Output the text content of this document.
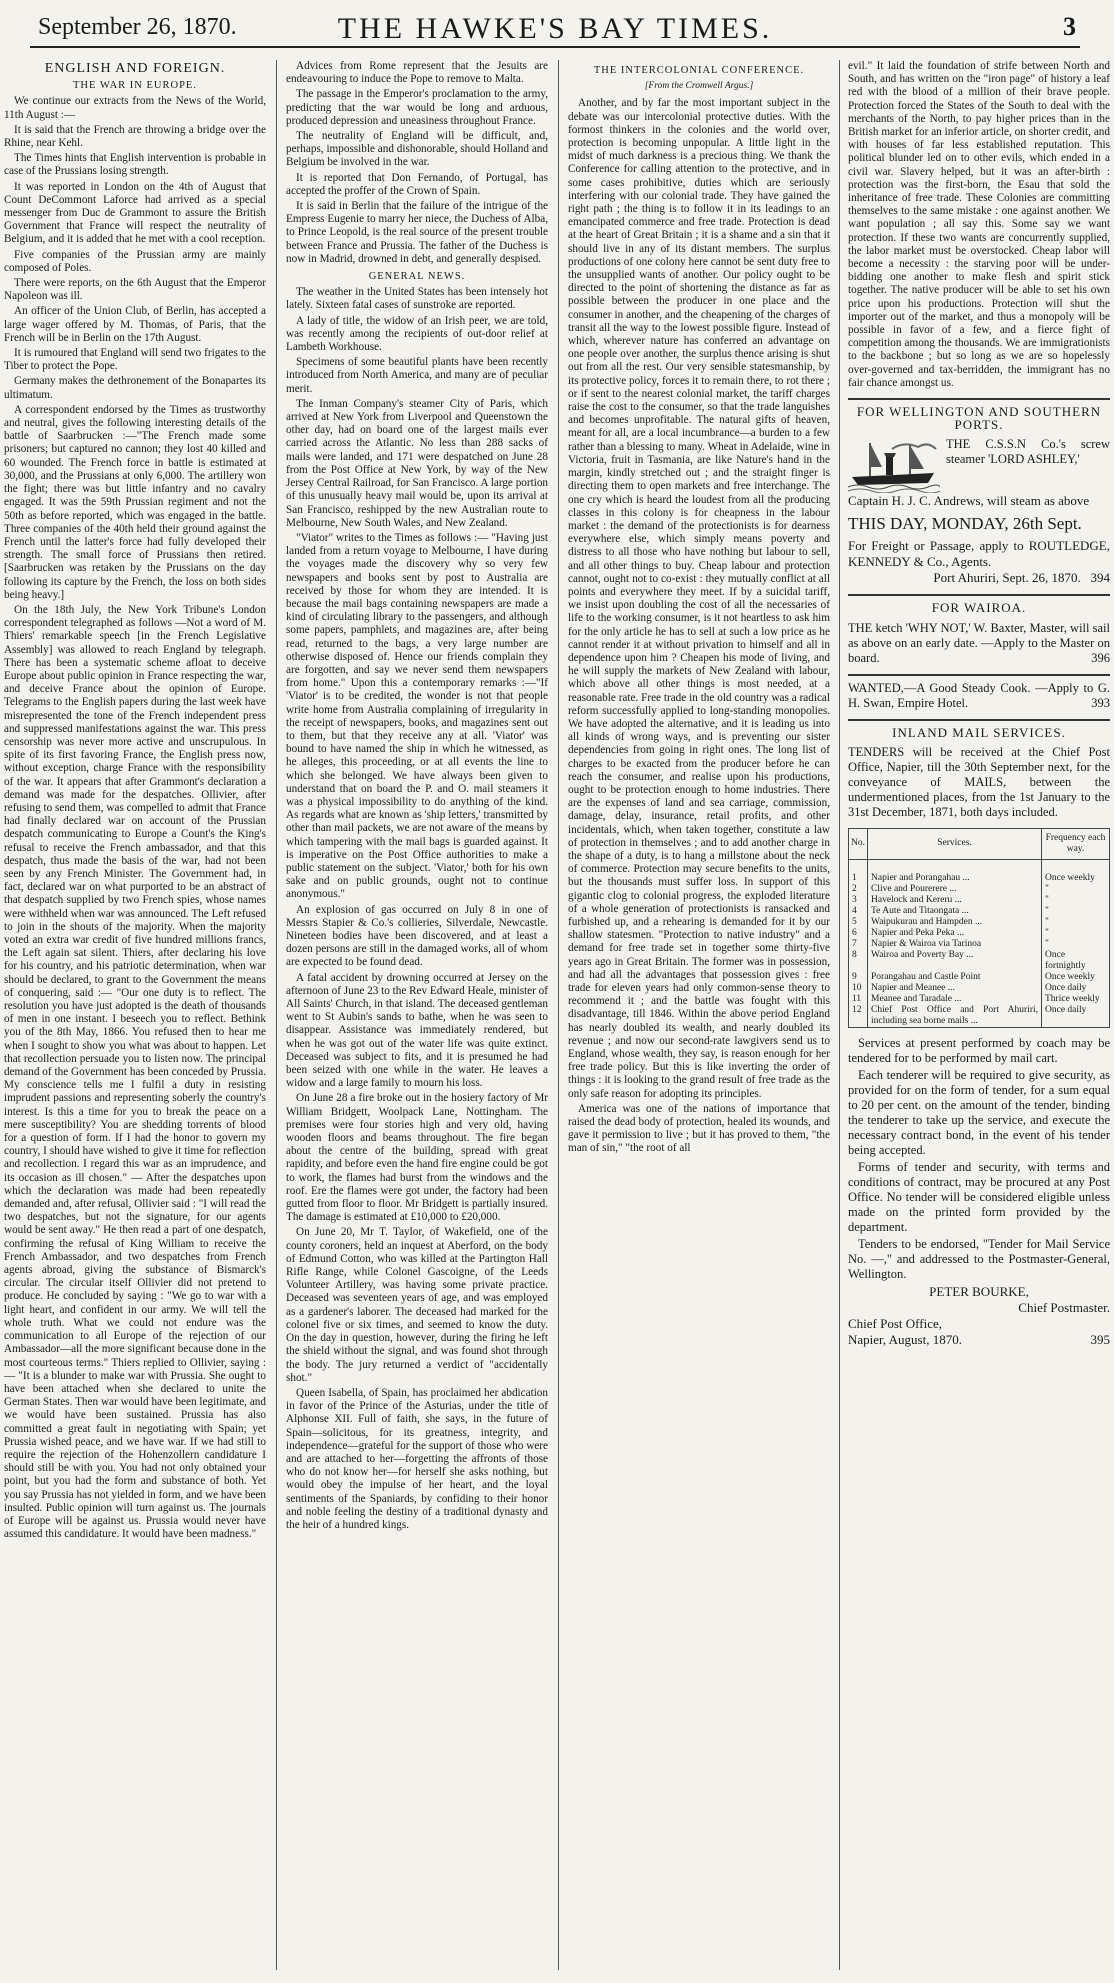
September 26, 1870.	THE HAWKE'S BAY TIMES.	3
ENGLISH AND FOREIGN.
THE WAR IN EUROPE.

We continue our extracts from the News of the World, 11th August :—

It is said that the French are throwing a bridge over the Rhine, near Kehl.

The Times hints that English intervention is probable in case of the Prussians losing strength.

It was reported in London on the 4th of August that Count DeCommont Laforce had arrived as a special messenger from Duc de Grammont to assure the British Government that France will respect the neutrality of Belgium, and it is added that he met with a cool reception.

Five companies of the Prussian army are mainly composed of Poles.

There were reports, on the 6th August that the Emperor Napoleon was ill.

An officer of the Union Club, of Berlin, has accepted a large wager offered by M. Thomas, of Paris, that the French will be in Berlin on the 17th August.

It is rumoured that England will send two frigates to the Tiber to protect the Pope.

Germany makes the dethronement of the Bonapartes its ultimatum.

A correspondent endorsed by the Times as trustworthy and neutral, gives the following interesting details of the battle of Saarbrucken :—"The French made some prisoners; but captured no cannon; they lost 40 killed and 60 wounded. The French force in battle is estimated at 30,000, and the Prussians at only 6,000. The artillery won the fight; there was but little infantry and no cavalry engaged. It was the 59th Prussian regiment and not the 50th as before reported, which was engaged in the battle. Three companies of the 40th held their ground against the French until the latter's force had fully developed their strength. The small force of Prussians then retired. [Saarbrucken was retaken by the Prussians on the day following its capture by the French, the loss on both sides being heavy.]

On the 18th July, the New York Tribune's London correspondent telegraphed as follows —Not a word of M. Thiers' remarkable speech [in the French Legislative Assembly] was allowed to reach England by telegraph. There has been a systematic scheme afloat to deceive Europe about public opinion in France respecting the war, and deceive France about the opinion of Europe. Telegrams to the English papers during the last week have misrepresented the tone of the French independent press and suppressed manifestations against the war. This press censorship was never more active and unscrupulous. In spite of its first favoring France, the English press now, without exception, charge France with the responsibility of the war. It appears that after Grammont's declaration a demand was made for the despatches. Ollivier, after refusing to send them, was compelled to admit that France had finally declared war on account of the Prussian despatch communicating to Europe a Count's the King's refusal to receive the French ambassador, and that this despatch, thus made the basis of the war, had not been seen by any French Minister. The Government had, in fact, declared war on what purported to be an abstract of that despatch supplied by two French spies, whose names were withheld when war was announced. The Left refused to join in the shouts of the majority. When the majority voted an extra war credit of five hundred millions francs, the Left again sat silent. Thiers, after declaring his love for his country, and his patriotic determination, when war should be declared, to grant to the Government the means of conquering, said :— "Our one duty is to reflect. The resolution you have just adopted is the death of thousands of men in one instant. I beseech you to reflect. Bethink you of the 8th May, 1866. You refused then to hear me when I sought to show you what was about to happen. Let that recollection persuade you to listen now. The principal demand of the Government has been conceded by Prussia. My conscience tells me I fulfil a duty in resisting imprudent passions and representing soberly the country's interest. Is this a time for you to break the peace on a mere susceptibility? You are shedding torrents of blood for a question of form. If I had the honor to govern my country, I should have wished to give it time for reflection and recollection. I regard this war as an imprudence, and its occasion as ill chosen." — After the despatches upon which the declaration was made had been repeatedly demanded and, after refusal, Ollivier said : "I will read the two despatches, but not the signature, for our agents would be sent away." He then read a part of one despatch, confirming the refusal of King William to receive the French Ambassador, and two despatches from French agents abroad, giving the substance of Bismarck's circular. The circular itself Ollivier did not pretend to produce. He concluded by saying : "We go to war with a light heart, and confident in our army. We will tell the whole truth. What we could not endure was the communication to all Europe of the rejection of our Ambassador—all the more significant because done in the most courteous terms." Thiers replied to Ollivier, saying :— "It is a blunder to make war with Prussia. She ought to have been attached when she declared to unite the German States. Then war would have been legitimate, and we would have been sustained. Prussia has also committed a great fault in negotiating with Spain; yet Prussia wished peace, and we have war. If we had still to require the rejection of the Hohenzollern candidature I should still be with you. You had not only obtained your point, but you had the form and substance of both. Yet you say Prussia has not yielded in form, and we have been insulted. Public opinion will turn against us. The journals of Europe will be against us. Prussia would never have assumed this candidature. It would have been madness."

Advices from Rome represent that the Jesuits are endeavouring to induce the Pope to remove to Malta.

The passage in the Emperor's proclamation to the army, predicting that the war would be long and arduous, produced depression and uneasiness throughout France.

The neutrality of England will be difficult, and, perhaps, impossible and dishonorable, should Holland and Belgium be involved in the war.

It is reported that Don Fernando, of Portugal, has accepted the proffer of the Crown of Spain.

It is said in Berlin that the failure of the intrigue of the Empress Eugenie to marry her niece, the Duchess of Alba, to Prince Leopold, is the real source of the present trouble between France and Prussia. The father of the Duchess is now in Madrid, drowned in debt, and generally despised.

GENERAL NEWS.

The weather in the United States has been intensely hot lately. Sixteen fatal cases of sunstroke are reported.

A lady of title, the widow of an Irish peer, we are told, was recently among the recipients of out-door relief at Lambeth Workhouse.

Specimens of some beautiful plants have been recently introduced from North America, and many are of peculiar merit.

The Inman Company's steamer City of Paris, which arrived at New York from Liverpool and Queenstown the other day, had on board one of the largest mails ever carried across the Atlantic. No less than 288 sacks of mails were landed, and 171 were despatched on June 28 from the Post Office at New York, by way of the New Jersey Central Railroad, for San Francisco. A large portion of this unusually heavy mail would be, upon its arrival at San Francisco, reshipped by the new Australian route to Melbourne, New South Wales, and New Zealand.

"Viator" writes to the Times as follows :— "Having just landed from a return voyage to Melbourne, I have during the voyages made the discovery why so very few newspapers and books sent by post to Australia are received by those for whom they are intended. It is because the mail bags containing newspapers are made a kind of circulating library to the passengers, and although some papers, pamphlets, and magazines are, after being read, returned to the bags, a very large number are otherwise disposed of. Hence our friends complain they are forgotten, and say we never send them newspapers from home." Upon this a contemporary remarks :—"If 'Viator' is to be credited, the wonder is not that people write home from Australia complaining of irregularity in the receipt of newspapers, books, and magazines sent out to them, but that they receive any at all. 'Viator' was bound to have named the ship in which he witnessed, as he alleges, this proceeding, or at all events the line to which she belonged. We have always been given to understand that on board the P. and O. mail steamers it was a physical impossibility to do anything of the kind. As regards what are known as 'ship letters,' transmitted by other than mail packets, we are not aware of the means by which tampering with the mail bags is guarded against. It is imperative on the Post Office authorities to make a public statement on the subject. 'Viator,' both for his own sake and on public grounds, ought not to continue anonymous."

An explosion of gas occurred on July 8 in one of Messrs Stapier & Co.'s collieries, Silverdale, Newcastle. Nineteen bodies have been discovered, and at least a dozen persons are still in the damaged works, all of whom are expected to be found dead.

A fatal accident by drowning occurred at Jersey on the afternoon of June 23 to the Rev Edward Heale, minister of All Saints' Church, in that island. The deceased gentleman went to St Aubin's sands to bathe, when he was seen to disappear. Assistance was immediately rendered, but when he was got out of the water life was quite extinct. Deceased was subject to fits, and it is presumed he had been seized with one while in the water. He leaves a widow and a large family to mourn his loss.

On June 28 a fire broke out in the hosiery factory of Mr William Bridgett, Woolpack Lane, Nottingham. The premises were four stories high and very old, having wooden floors and beams throughout. The fire began about the centre of the building, spread with great rapidity, and before even the hand fire engine could be got to work, the flames had burst from the windows and the roof. Ere the flames were got under, the factory had been gutted from floor to floor. Mr Bridgett is partially insured. The damage is estimated at £10,000 to £20,000.

On June 20, Mr T. Taylor, of Wakefield, one of the county coroners, held an inquest at Aberford, on the body of Edmund Cotton, who was killed at the Partington Hall Rifle Range, while Colonel Gascoigne, of the Leeds Volunteer Artillery, was having some private practice. Deceased was seventeen years of age, and was employed as a gardener's laborer. The deceased had marked for the colonel five or six times, and seemed to know the duty. On the day in question, however, during the firing he left the shield without the signal, and was found shot through the body. The jury returned a verdict of "accidentally shot."

Queen Isabella, of Spain, has proclaimed her abdication in favor of the Prince of the Asturias, under the title of Alphonse XII. Full of faith, she says, in the future of Spain—solicitous, for its greatness, integrity, and independence—grateful for the support of those who were and are attached to her—forgetting the affronts of those who do not know her—for herself she asks nothing, but would obey the impulse of her heart, and the loyal sentiments of the Spaniards, by confiding to their honor and noble feeling the destiny of a traditional dynasty and the heir of a hundred kings.

THE INTERCOLONIAL CONFERENCE.
[From the Cromwell Argus.]

Another, and by far the most important subject in the debate was our intercolonial protective duties. With the formost thinkers in the colonies and the world over, protection is becoming unpopular. A little light in the midst of much darkness is a precious thing. We thank the Conference for calling attention to the protective, and in some cases prohibitive, duties which are seriously interfering with our colonial trade. They have gained the right path ; the thing is to follow it in its leadings to an emancipated commerce and free trade. Protection is dead at the heart of Great Britain ; it is a shame and a sin that it should live in any of its distant members. The surplus productions of one colony here cannot be sent duty free to the unsupplied wants of another. Our policy ought to be directed to the point of shortening the distance as far as possible between the producer in one place and the consumer in another, and the cheapening of the charges of transit all the way to the lowest possible figure. Instead of which, wherever nature has conferred an advantage on one people over another, the surplus thence arising is shut out from all the rest. Our very sensible statesmanship, by its protective policy, forces it to remain there, to rot there ; or if sent to the nearest colonial market, the tariff charges raise the cost to the consumer, so that the trade languishes and becomes unprofitable. The natural gifts of heaven, meant for all, are a local incumbrance—a burden to a few rather than a blessing to many. Wheat in Adelaide, wine in Victoria, fruit in Tasmania, are like Nature's hand in the margin, kindly stretched out ; and the straight finger is directing them to open markets and free interchange. The one cry which is heard the loudest from all the producing classes in this colony is for cheapness in the labour market : the demand of the protectionists is for dearness everywhere else, which simply means poverty and distress to all those who have nothing but labour to sell, and all other things to buy. Cheap labour and protection cannot, ought not to co-exist : they mutually conflict at all points and everywhere they meet. If by a suicidal tariff, we insist upon doubling the cost of all the necessaries of life to the working consumer, is it not heartless to ask him for the only article he has to sell at such a low price as he cannot render it at without privation to himself and all in dependence upon him ? Cheapen his mode of living, and he will supply the markets of New Zealand with labour, which above all other things is most needed, at a reasonable rate. Free trade in the old country was a radical reform successfully applied to long-standing monopolies. We have adopted the alternative, and it is leading us into all kinds of wrong ways, and is preventing our sister dependencies from going in right ones. The long list of charges to be exacted from the producer before he can reach the consumer, and realise upon his productions, ought to be protection enough to home industries. There are the expenses of land and sea carriage, commission, damage, delay, insurance, retail profits, and other incidentals, which, when taken together, constitute a law of protection in themselves ; and to add another charge in the shape of a duty, is to hang a millstone about the neck of commerce. Protection may secure benefits to the units, but the thousands must suffer loss. In support of this gigantic clog to colonial progress, the exploded literature of a whole generation of protectionists is ransacked and furbished up, and a rehearing is demanded for it by our shallow statesmen. "Protection to native industry" and a demand for free trade set in together some thirty-five years ago in Great Britain. The former was in possession, and had all the advantages that possession gives : free trade for eleven years had only common-sense theory to recommend it ; and the battle was fought with this disadvantage, till 1846. Within the above period England has nearly doubled its wealth, and nearly doubled its revenue ; and now our second-rate lawgivers send us to England, whose wealth, they say, is reason enough for her free trade policy. But this is like inverting the order of things : it is looking to the grand result of free trade as the only safe reason for adopting its principles.

America was one of the nations of importance that raised the dead body of protection, healed its wounds, and gave it permission to live ; but it has proved to them, "the man of sin," "the root of all

evil." It laid the foundation of strife between North and South, and has written on the "iron page" of history a leaf red with the blood of a million of their brave people. Protection forced the States of the South to deal with the merchants of the North, to pay higher prices than in the British market for an inferior article, on shorter credit, and with houses of far less established reputation. This political blunder led on to other evils, which ended in a civil war. Slavery helped, but it was an after-birth : protection was the first-born, the Esau that sold the inheritance of free trade. These Colonies are committing themselves to the same mistake : one against another. We want population ; all say this. Some say we want protection. If these two wants are concurrently supplied, the labor market must be overstocked. Cheap labor will become a necessity : the starving poor will be under-bidding one another to make flesh and spirit stick together. The native producer will be able to set his own price upon his productions. Protection will shut the importer out of the market, and thus a monopoly will be possible in favor of a few, and a fierce fight of competition among the thousands. We are immigrationists to the backbone ; but so long as we are so hopelessly over-governed and tax-berridden, the immigrant has no fair chance amongst us.

FOR WELLINGTON AND SOUTHERN PORTS.
THE C.S.S.N Co.'s screw steamer 'LORD ASHLEY,'
Captain H. J. C. Andrews, will steam as above
THIS DAY, MONDAY, 26th Sept.
For Freight or Passage, apply to ROUTLEDGE, KENNEDY & Co., Agents.
Port Ahuriri, Sept. 26, 1870. 394
FOR WAIROA.
THE ketch 'WHY NOT,' W. Baxter, Master, will sail as above on an early date. —Apply to the Master on board.	396
WANTED,—A Good Steady Cook. —Apply to G. H. Swan, Empire Hotel.	393
INLAND MAIL SERVICES.
TENDERS will be received at the Chief Post Office, Napier, till the 30th September next, for the conveyance of MAILS, between the undermentioned places, from the 1st January to the 31st December, 1871, both days included.
No.	Services.	Frequency each way.

1	Napier and Porangahau ...	Once weekly
2	Clive and Pourerere ...	"
3	Havelock and Kereru ...	"
4	Te Aute and Titaongata ...	"
5	Waipukurau and Hampden ...	"
6	Napier and Peka Peka ...	"
7	Napier & Wairoa via Tarinoa	"
8	Wairoa and Poverty Bay ...	Once fortnightly
9	Porangahau and Castle Point	Once weekly
10	Napier and Meanee ...	Once daily
11	Meanee and Taradale ...	Thrice weekly
12	Chief Post Office and Port Ahuriri, including sea borne mails ...	Once daily

Services at present performed by coach may be tendered for to be performed by mail cart.

Each tenderer will be required to give security, as provided for on the form of tender, for a sum equal to 20 per cent. on the amount of the tender, binding the tenderer to take up the service, and execute the necessary contract bond, in the event of his tender being accepted.

Forms of tender and security, with terms and conditions of contract, may be procured at any Post Office. No tender will be considered eligible unless made on the printed form provided by the department.

Tenders to be endorsed, "Tender for Mail Service No. —," and addressed to the Postmaster-General, Wellington.

PETER BOURKE,
Chief Postmaster.
Chief Post Office,
Napier, August, 1870.	395
